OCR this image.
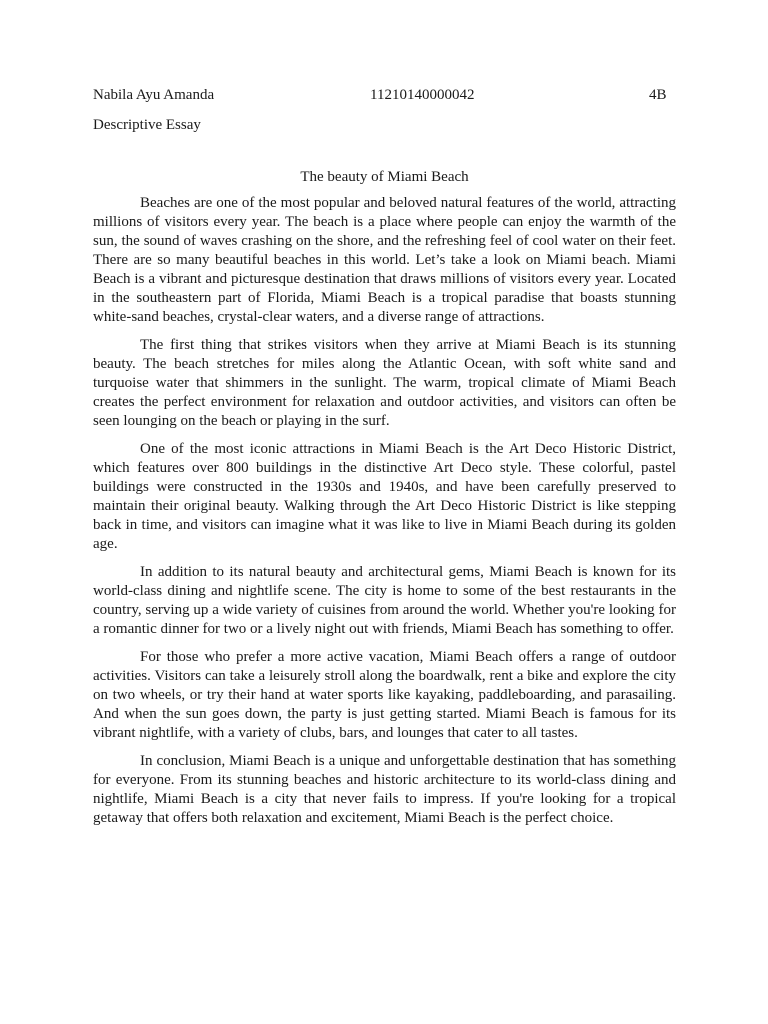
Nabila Ayu Amanda	11210140000042	4B
Descriptive Essay
The beauty of Miami Beach

Beaches are one of the most popular and beloved natural features of the world, attracting millions of visitors every year. The beach is a place where people can enjoy the warmth of the sun, the sound of waves crashing on the shore, and the refreshing feel of cool water on their feet. There are so many beautiful beaches in this world. Let’s take a look on Miami beach. Miami Beach is a vibrant and picturesque destination that draws millions of visitors every year. Located in the southeastern part of Florida, Miami Beach is a tropical paradise that boasts stunning white-sand beaches, crystal-clear waters, and a diverse range of attractions.

The first thing that strikes visitors when they arrive at Miami Beach is its stunning beauty. The beach stretches for miles along the Atlantic Ocean, with soft white sand and turquoise water that shimmers in the sunlight. The warm, tropical climate of Miami Beach creates the perfect environment for relaxation and outdoor activities, and visitors can often be seen lounging on the beach or playing in the surf.

One of the most iconic attractions in Miami Beach is the Art Deco Historic District, which features over 800 buildings in the distinctive Art Deco style. These colorful, pastel buildings were constructed in the 1930s and 1940s, and have been carefully preserved to maintain their original beauty. Walking through the Art Deco Historic District is like stepping back in time, and visitors can imagine what it was like to live in Miami Beach during its golden age.

In addition to its natural beauty and architectural gems, Miami Beach is known for its world-class dining and nightlife scene. The city is home to some of the best restaurants in the country, serving up a wide variety of cuisines from around the world. Whether you're looking for a romantic dinner for two or a lively night out with friends, Miami Beach has something to offer.

For those who prefer a more active vacation, Miami Beach offers a range of outdoor activities. Visitors can take a leisurely stroll along the boardwalk, rent a bike and explore the city on two wheels, or try their hand at water sports like kayaking, paddleboarding, and parasailing. And when the sun goes down, the party is just getting started. Miami Beach is famous for its vibrant nightlife, with a variety of clubs, bars, and lounges that cater to all tastes.

In conclusion, Miami Beach is a unique and unforgettable destination that has something for everyone. From its stunning beaches and historic architecture to its world-class dining and nightlife, Miami Beach is a city that never fails to impress. If you're looking for a tropical getaway that offers both relaxation and excitement, Miami Beach is the perfect choice.
